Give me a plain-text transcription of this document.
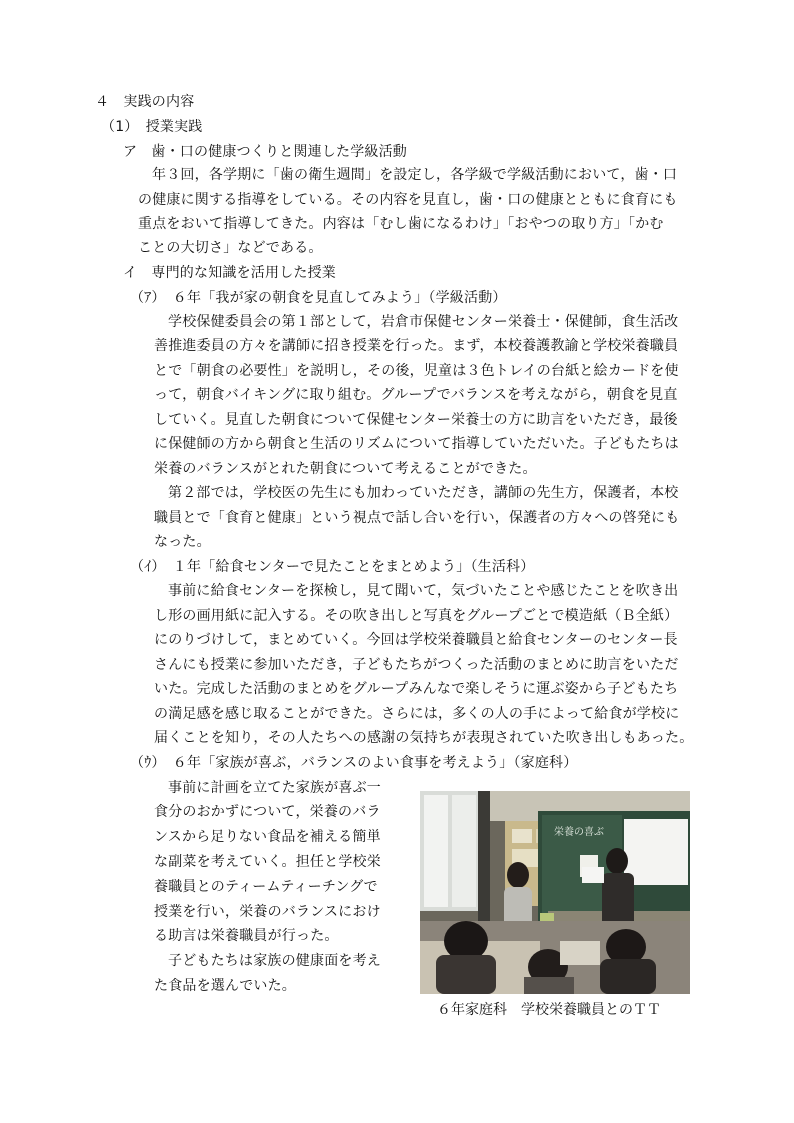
４　実践の内容
（1）　授業実践
ア　歯・口の健康つくりと関連した学級活動
年３回，各学期に「歯の衛生週間」を設定し，各学級で学級活動において，歯・口
の健康に関する指導をしている。その内容を見直し，歯・口の健康とともに食育にも
重点をおいて指導してきた。内容は「むし歯になるわけ」「おやつの取り方」「かむ
ことの大切さ」などである。
イ　専門的な知識を活用した授業
（ｱ）　６年「我が家の朝食を見直してみよう」（学級活動）
学校保健委員会の第１部として，岩倉市保健センター栄養士・保健師，食生活改
善推進委員の方々を講師に招き授業を行った。まず，本校養護教諭と学校栄養職員
とで「朝食の必要性」を説明し，その後，児童は３色トレイの台紙と絵カードを使
って，朝食バイキングに取り組む。グループでバランスを考えながら，朝食を見直
していく。見直した朝食について保健センター栄養士の方に助言をいただき，最後
に保健師の方から朝食と生活のリズムについて指導していただいた。子どもたちは
栄養のバランスがとれた朝食について考えることができた。
第２部では，学校医の先生にも加わっていただき，講師の先生方，保護者，本校
職員とで「食育と健康」という視点で話し合いを行い，保護者の方々への啓発にも
なった。
（ｲ）　１年「給食センターで見たことをまとめよう」（生活科）
事前に給食センターを探検し，見て聞いて，気づいたことや感じたことを吹き出
し形の画用紙に記入する。その吹き出しと写真をグループごとで模造紙（Ｂ全紙）
にのりづけして，まとめていく。今回は学校栄養職員と給食センターのセンター長
さんにも授業に参加いただき，子どもたちがつくった活動のまとめに助言をいただ
いた。完成した活動のまとめをグループみんなで楽しそうに運ぶ姿から子どもたち
の満足感を感じ取ることができた。さらには，多くの人の手によって給食が学校に
届くことを知り，その人たちへの感謝の気持ちが表現されていた吹き出しもあった。
（ｳ）　６年「家族が喜ぶ，バランスのよい食事を考えよう」（家庭科）
事前に計画を立てた家族が喜ぶ一
食分のおかずについて，栄養のバラ
ンスから足りない食品を補える簡単
な副菜を考えていく。担任と学校栄
養職員とのティームティーチングで
授業を行い，栄養のバランスにおけ
る助言は栄養職員が行った。
子どもたちは家族の健康面を考え
た食品を選んでいた。
栄養の喜ぶ
６年家庭科　学校栄養職員とのＴＴ
